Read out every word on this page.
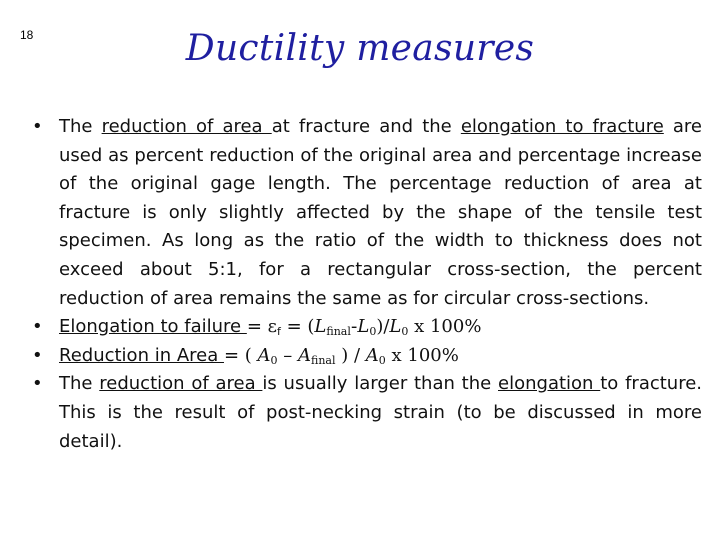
18	Ductility measures
• The reduction of area at fracture and the elongation to fracture are used as percent reduction of the original area and percentage increase of the original gage length. The percentage reduction of area at fracture is only slightly affected by the shape of the tensile test specimen. As long as the ratio of the width to thickness does not exceed about 5:1, for a rectangular cross-section, the percent reduction of area remains the same as for circular cross-sections.
• Elongation to failure = $\varepsilon_f = (L_{final}-L_0)/L_0$ x 100%
• Reduction in Area = ( $A_0 - A_{final}$ ) / $A_0$ x 100%
• The reduction of area is usually larger than the elongation to fracture. This is the result of post-necking strain (to be discussed in more detail).
